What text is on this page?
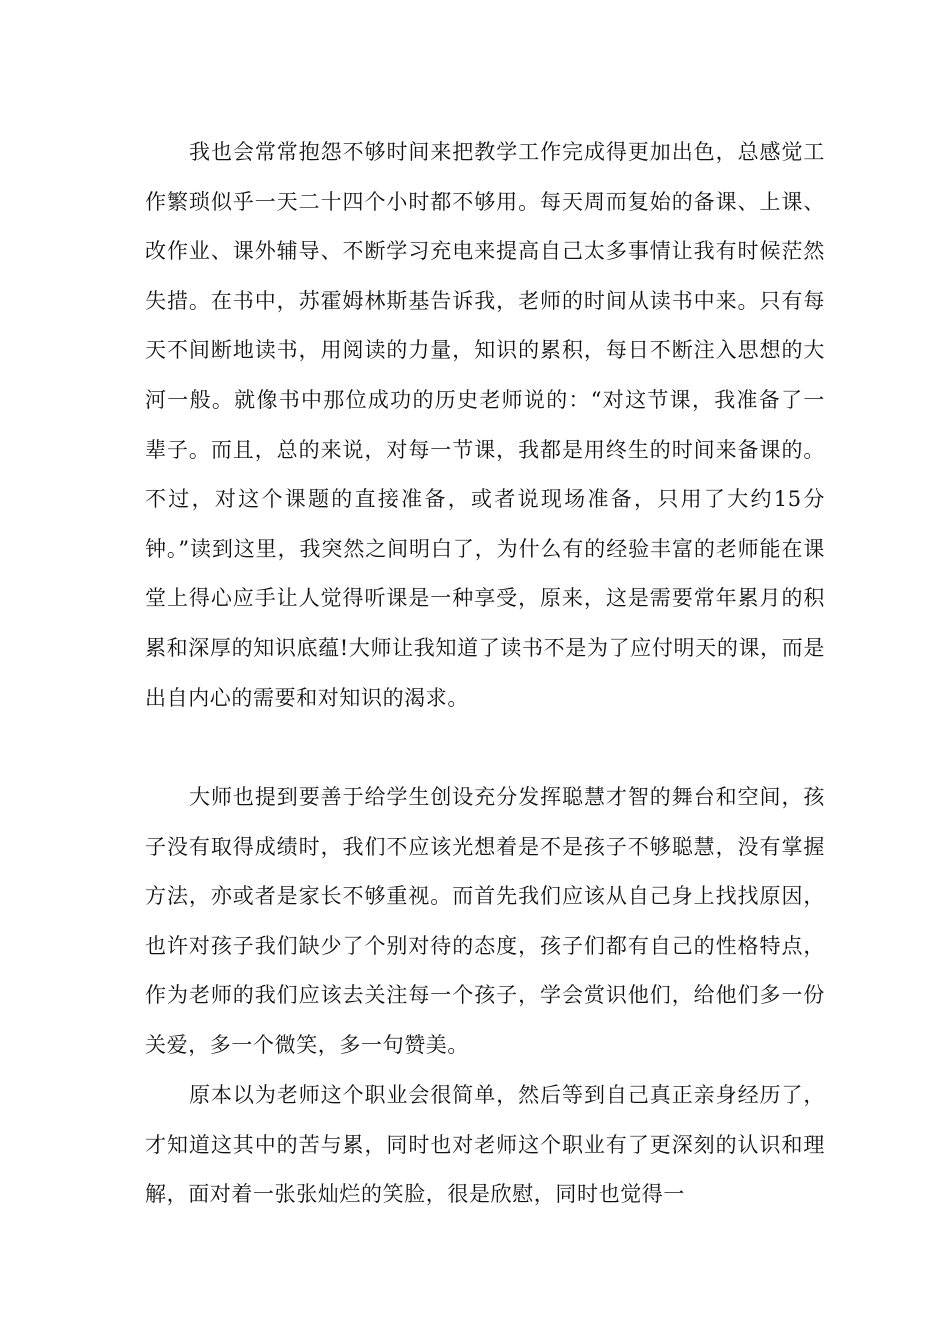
我也会常常抱怨不够时间来把教学工作完成得更加出色，总感觉工作繁琐似乎一天二十四个小时都不够用。每天周而复始的备课、上课、改作业、课外辅导、不断学习充电来提高自己太多事情让我有时候茫然失措。在书中，苏霍姆林斯基告诉我，老师的时间从读书中来。只有每天不间断地读书，用阅读的力量，知识的累积，每日不断注入思想的大河一般。就像书中那位成功的历史老师说的：“对这节课，我准备了一辈子。而且，总的来说，对每一节课，我都是用终生的时间来备课的。不过，对这个课题的直接准备，或者说现场准备，只用了大约15分钟。”读到这里，我突然之间明白了，为什么有的经验丰富的老师能在课堂上得心应手让人觉得听课是一种享受，原来，这是需要常年累月的积累和深厚的知识底蕴!大师让我知道了读书不是为了应付明天的课，而是出自内心的需要和对知识的渴求。

大师也提到要善于给学生创设充分发挥聪慧才智的舞台和空间，孩子没有取得成绩时，我们不应该光想着是不是孩子不够聪慧，没有掌握方法，亦或者是家长不够重视。而首先我们应该从自己身上找找原因，也许对孩子我们缺少了个别对待的态度，孩子们都有自己的性格特点，作为老师的我们应该去关注每一个孩子，学会赏识他们，给他们多一份关爱，多一个微笑，多一句赞美。

原本以为老师这个职业会很简单，然后等到自己真正亲身经历了，才知道这其中的苦与累，同时也对老师这个职业有了更深刻的认识和理解，面对着一张张灿烂的笑脸，很是欣慰，同时也觉得一
